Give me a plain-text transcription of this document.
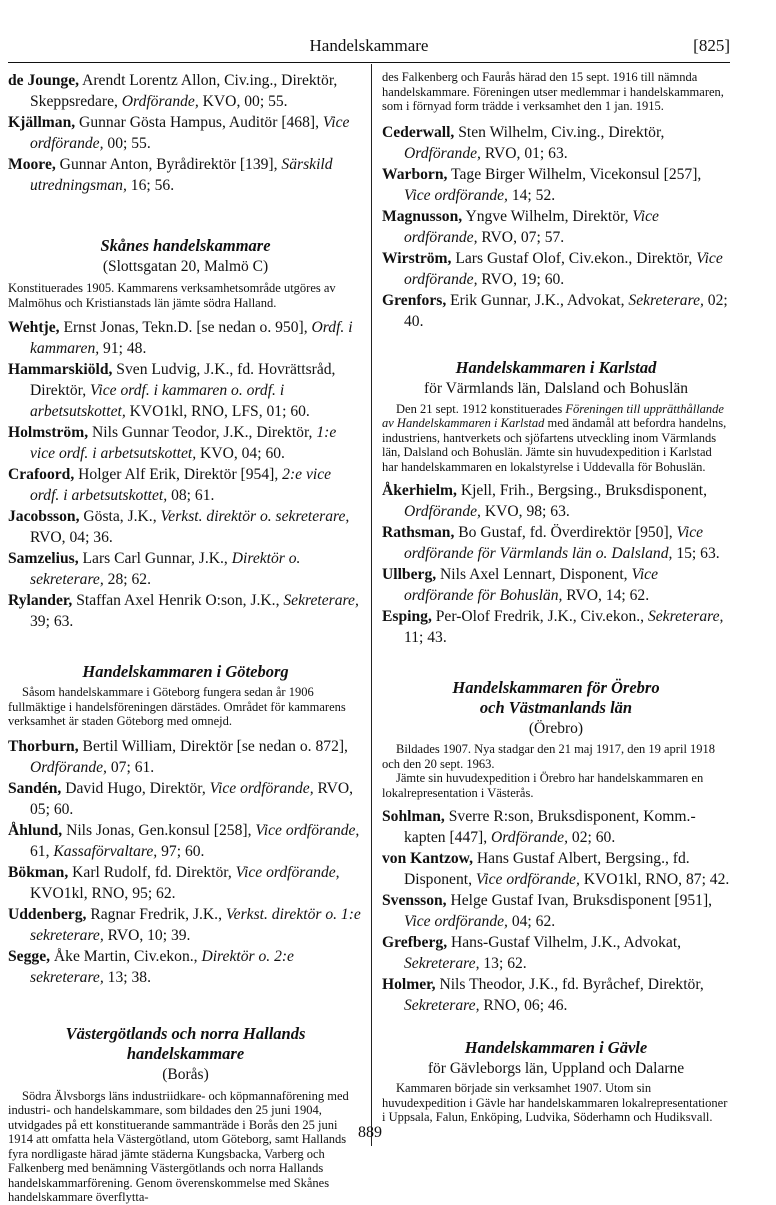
Handelskammare	[825]

de Jounge, Arendt Lorentz Allon, Civ.ing., Direktör, Skeppsredare, Ordförande, KVO, 00; 55.

Kjällman, Gunnar Gösta Hampus, Auditör [468], Vice ordförande, 00; 55.

Moore, Gunnar Anton, Byrådirektör [139], Särskild utredningsman, 16; 56.

Skånes handelskammare

(Slottsgatan 20, Malmö C)

Konstituerades 1905. Kammarens verksamhetsområde utgöres av Malmöhus och Kristianstads län jämte södra Halland.

Wehtje, Ernst Jonas, Tekn.D. [se nedan o. 950], Ordf. i kammaren, 91; 48.

Hammarskiöld, Sven Ludvig, J.K., fd. Hovrättsråd, Direktör, Vice ordf. i kammaren o. ordf. i arbetsutskottet, KVO1kl, RNO, LFS, 01; 60.

Holmström, Nils Gunnar Teodor, J.K., Direktör, 1:e vice ordf. i arbetsutskottet, KVO, 04; 60.

Crafoord, Holger Alf Erik, Direktör [954], 2:e vice ordf. i arbetsutskottet, 08; 61.

Jacobsson, Gösta, J.K., Verkst. direktör o. sekreterare, RVO, 04; 36.

Samzelius, Lars Carl Gunnar, J.K., Direktör o. sekreterare, 28; 62.

Rylander, Staffan Axel Henrik O:son, J.K., Sekreterare, 39; 63.

Handelskammaren i Göteborg

Såsom handelskammare i Göteborg fungera sedan år 1906 fullmäktige i handelsföreningen därstädes. Området för kammarens verksamhet är staden Göteborg med omnejd.

Thorburn, Bertil William, Direktör [se nedan o. 872], Ordförande, 07; 61.

Sandén, David Hugo, Direktör, Vice ordförande, RVO, 05; 60.

Åhlund, Nils Jonas, Gen.konsul [258], Vice ordförande, 61, Kassaförvaltare, 97; 60.

Bökman, Karl Rudolf, fd. Direktör, Vice ordförande, KVO1kl, RNO, 95; 62.

Uddenberg, Ragnar Fredrik, J.K., Verkst. direktör o. 1:e sekreterare, RVO, 10; 39.

Segge, Åke Martin, Civ.ekon., Direktör o. 2:e sekreterare, 13; 38.

Västergötlands och norra Hallands

handelskammare

(Borås)

Södra Älvsborgs läns industriidkare- och köpmannaförening med industri- och handelskammare, som bildades den 25 juni 1904, utvidgades på ett konstituerande sammanträde i Borås den 25 juni 1914 att omfatta hela Västergötland, utom Göteborg, samt Hallands fyra nordligaste härad jämte städerna Kungsbacka, Varberg och Falkenberg med benämning Västergötlands och norra Hallands handelskammarförening. Genom överenskommelse med Skånes handelskammare överflytta-

des Falkenberg och Faurås härad den 15 sept. 1916 till nämnda handelskammare. Föreningen utser medlemmar i handelskammaren, som i förnyad form trädde i verksamhet den 1 jan. 1915.

Cederwall, Sten Wilhelm, Civ.ing., Direktör, Ordförande, RVO, 01; 63.

Warborn, Tage Birger Wilhelm, Vicekonsul [257], Vice ordförande, 14; 52.

Magnusson, Yngve Wilhelm, Direktör, Vice ordförande, RVO, 07; 57.

Wirström, Lars Gustaf Olof, Civ.ekon., Direktör, Vice ordförande, RVO, 19; 60.

Grenfors, Erik Gunnar, J.K., Advokat, Sekreterare, 02; 40.

Handelskammaren i Karlstad

för Värmlands län, Dalsland och Bohuslän

Den 21 sept. 1912 konstituerades Föreningen till upprätthållande av Handelskammaren i Karlstad med ändamål att befordra handelns, industriens, hantverkets och sjöfartens utveckling inom Värmlands län, Dalsland och Bohuslän. Jämte sin huvudexpedition i Karlstad har handelskammaren en lokalstyrelse i Uddevalla för Bohuslän.

Åkerhielm, Kjell, Frih., Bergsing., Bruksdisponent, Ordförande, KVO, 98; 63.

Rathsman, Bo Gustaf, fd. Överdirektör [950], Vice ordförande för Värmlands län o. Dalsland, 15; 63.

Ullberg, Nils Axel Lennart, Disponent, Vice ordförande för Bohuslän, RVO, 14; 62.

Esping, Per-Olof Fredrik, J.K., Civ.ekon., Sekreterare, 11; 43.

Handelskammaren för Örebro

och Västmanlands län

(Örebro)

Bildades 1907. Nya stadgar den 21 maj 1917, den 19 april 1918 och den 20 sept. 1963.

Jämte sin huvudexpedition i Örebro har handelskammaren en lokalrepresentation i Västerås.

Sohlman, Sverre R:son, Bruksdisponent, Komm.-kapten [447], Ordförande, 02; 60.

von Kantzow, Hans Gustaf Albert, Bergsing., fd. Disponent, Vice ordförande, KVO1kl, RNO, 87; 42.

Svensson, Helge Gustaf Ivan, Bruksdisponent [951], Vice ordförande, 04; 62.

Grefberg, Hans-Gustaf Vilhelm, J.K., Advokat, Sekreterare, 13; 62.

Holmer, Nils Theodor, J.K., fd. Byråchef, Direktör, Sekreterare, RNO, 06; 46.

Handelskammaren i Gävle

för Gävleborgs län, Uppland och Dalarne

Kammaren började sin verksamhet 1907. Utom sin huvudexpedition i Gävle har handelskammaren lokalrepresentationer i Uppsala, Falun, Enköping, Ludvika, Söderhamn och Hudiksvall.

889
